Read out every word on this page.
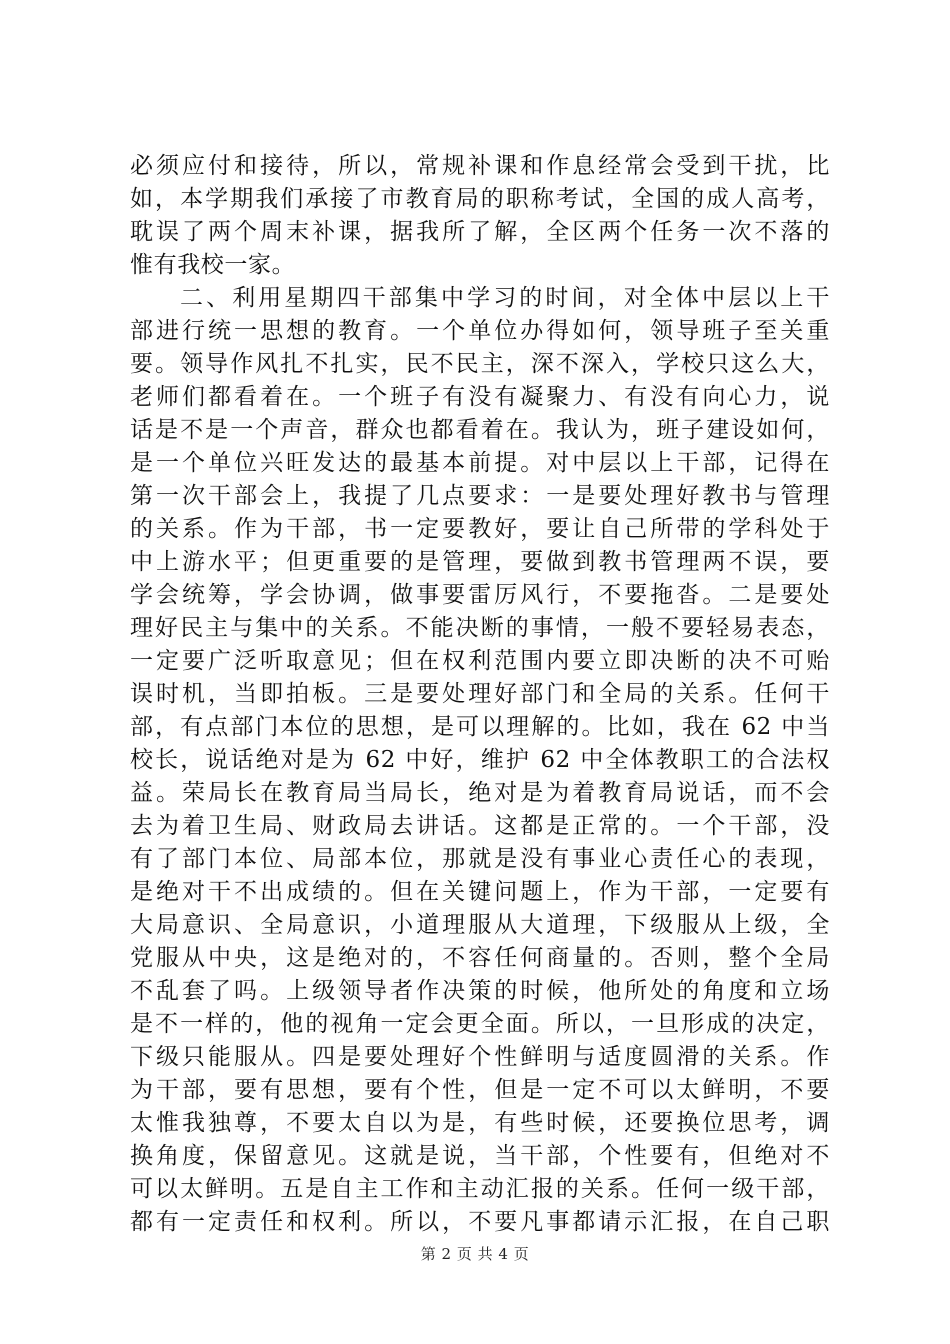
必须应付和接待，所以，常规补课和作息经常会受到干扰，比
如，本学期我们承接了市教育局的职称考试，全国的成人高考，
耽误了两个周末补课，据我所了解，全区两个任务一次不落的
惟有我校一家。
二、利用星期四干部集中学习的时间，对全体中层以上干
部进行统一思想的教育。一个单位办得如何，领导班子至关重
要。领导作风扎不扎实，民不民主，深不深入，学校只这么大，
老师们都看着在。一个班子有没有凝聚力、有没有向心力，说
话是不是一个声音，群众也都看着在。我认为，班子建设如何，
是一个单位兴旺发达的最基本前提。对中层以上干部，记得在
第一次干部会上，我提了几点要求：一是要处理好教书与管理
的关系。作为干部，书一定要教好，要让自己所带的学科处于
中上游水平；但更重要的是管理，要做到教书管理两不误，要
学会统筹，学会协调，做事要雷厉风行，不要拖沓。二是要处
理好民主与集中的关系。不能决断的事情，一般不要轻易表态，
一定要广泛听取意见；但在权利范围内要立即决断的决不可贻
误时机，当即拍板。三是要处理好部门和全局的关系。任何干
部，有点部门本位的思想，是可以理解的。比如，我在 62 中当
校长，说话绝对是为 62 中好，维护 62 中全体教职工的合法权
益。荣局长在教育局当局长，绝对是为着教育局说话，而不会
去为着卫生局、财政局去讲话。这都是正常的。一个干部，没
有了部门本位、局部本位，那就是没有事业心责任心的表现，
是绝对干不出成绩的。但在关键问题上，作为干部，一定要有
大局意识、全局意识，小道理服从大道理，下级服从上级，全
党服从中央，这是绝对的，不容任何商量的。否则，整个全局
不乱套了吗。上级领导者作决策的时候，他所处的角度和立场
是不一样的，他的视角一定会更全面。所以，一旦形成的决定，
下级只能服从。四是要处理好个性鲜明与适度圆滑的关系。作
为干部，要有思想，要有个性，但是一定不可以太鲜明，不要
太惟我独尊，不要太自以为是，有些时候，还要换位思考，调
换角度，保留意见。这就是说，当干部，个性要有，但绝对不
可以太鲜明。五是自主工作和主动汇报的关系。任何一级干部，
都有一定责任和权利。所以，不要凡事都请示汇报，在自己职
第 2 页 共 4 页
